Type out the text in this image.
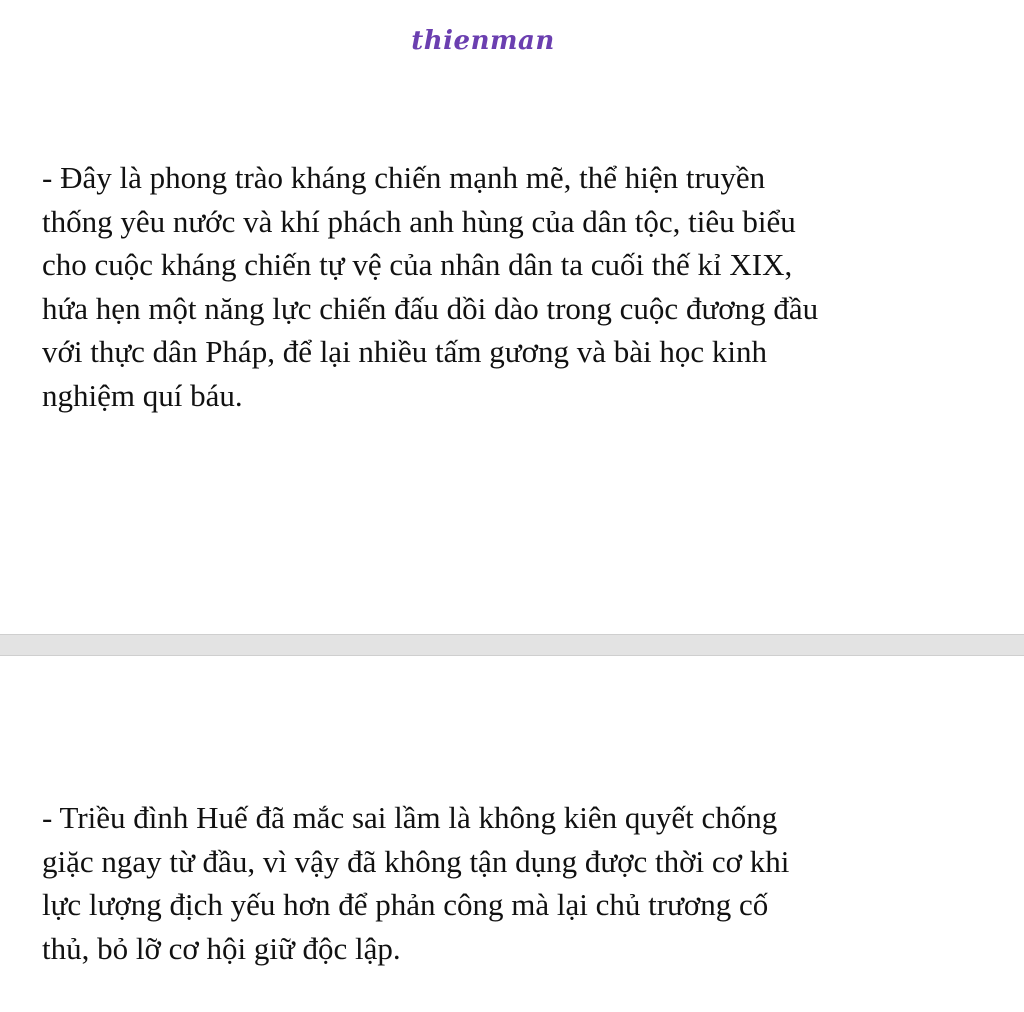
thienman

- Đây là phong trào kháng chiến mạnh mẽ, thể hiện truyền
thống yêu nước và khí phách anh hùng của dân tộc, tiêu biểu
cho cuộc kháng chiến tự vệ của nhân dân ta cuối thế kỉ XIX,
hứa hẹn một năng lực chiến đấu dồi dào trong cuộc đương đầu
với thực dân Pháp, để lại nhiều tấm gương và bài học kinh
nghiệm quí báu.

- Triều đình Huế đã mắc sai lầm là không kiên quyết chống
giặc ngay từ đầu, vì vậy đã không tận dụng được thời cơ khi
lực lượng địch yếu hơn để phản công mà lại chủ trương cố
thủ, bỏ lỡ cơ hội giữ độc lập.
